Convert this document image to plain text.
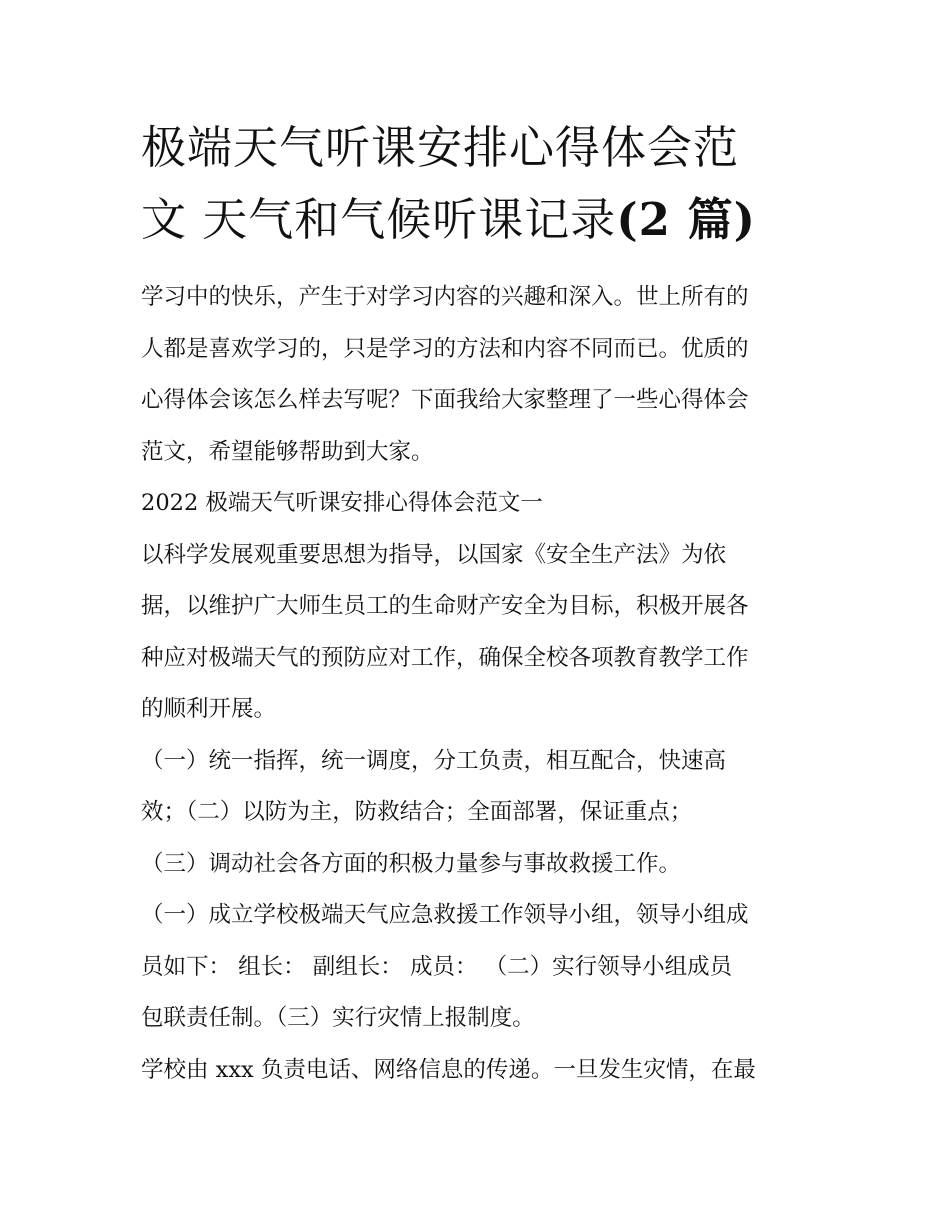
极端天气听课安排心得体会范
文 天气和气候听课记录(2 篇)

学习中的快乐，产生于对学习内容的兴趣和深入。世上所有的
人都是喜欢学习的，只是学习的方法和内容不同而已。优质的
心得体会该怎么样去写呢？下面我给大家整理了一些心得体会
范文，希望能够帮助到大家。

2022 极端天气听课安排心得体会范文一

以科学发展观重要思想为指导，以国家《安全生产法》为依
据，以维护广大师生员工的生命财产安全为目标，积极开展各
种应对极端天气的预防应对工作，确保全校各项教育教学工作
的顺利开展。

（一）统一指挥，统一调度，分工负责，相互配合，快速高
效；（二）以防为主，防救结合；全面部署，保证重点；
（三）调动社会各方面的积极力量参与事故救援工作。

（一）成立学校极端天气应急救援工作领导小组，领导小组成
员如下： 组长： 副组长： 成员： （二）实行领导小组成员
包联责任制。（三）实行灾情上报制度。

学校由 xxx 负责电话、网络信息的传递。一旦发生灾情，在最
